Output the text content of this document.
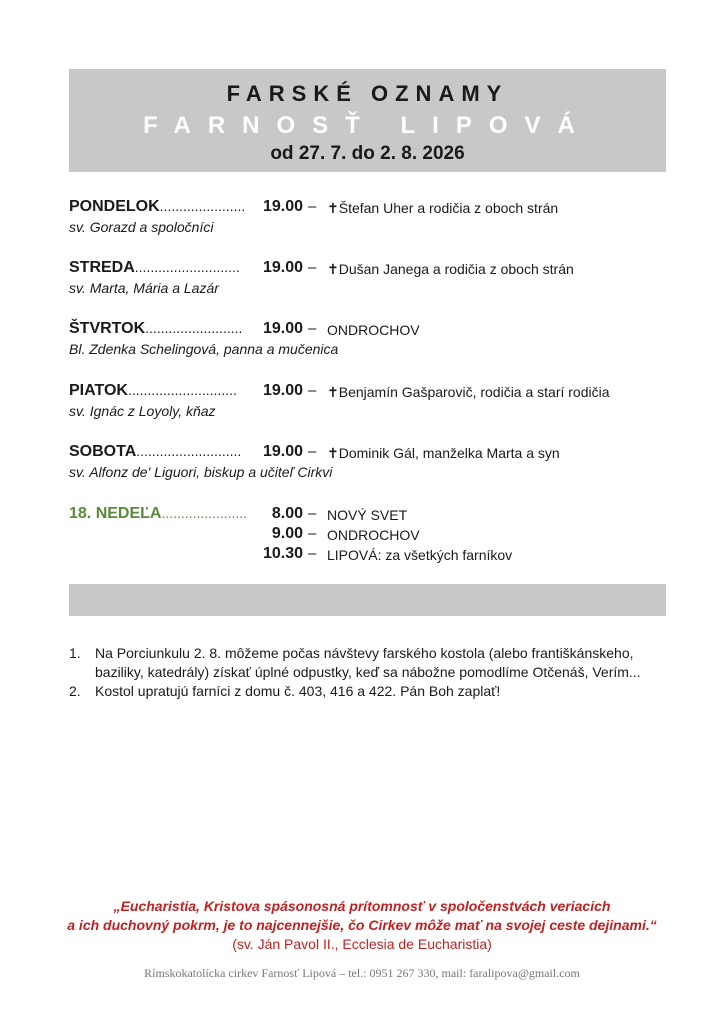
FARSKÉ OZNAMY
FARNOSŤ LIPOVÁ
od 27. 7. do 2. 8. 2026
PONDELOK...................... 19.00 – ✝Štefan Uher a rodičia z oboch strán
sv. Gorazd a spoločníci
STREDA........................... 19.00 – ✝Dušan Janega a rodičia z oboch strán
sv. Marta, Mária a Lazár
ŠTVRTOK......................... 19.00 – ONDROCHOV
Bl. Zdenka Schelingová, panna a mučenica
PIATOK............................ 19.00 – ✝Benjamín Gašparovič, rodičia a starí rodičia
sv. Ignác z Loyoly, kňaz
SOBOTA........................... 19.00 – ✝Dominik Gál, manželka Marta a syn
sv. Alfonz de' Liguori, biskup a učiteľ Cirkvi
18. NEDEĽA...................... 8.00 – NOVÝ SVET
9.00 – ONDROCHOV
10.30 – LIPOVÁ: za všetkých farníkov
1. Na Porciunkulu 2. 8. môžeme počas návštevy farského kostola (alebo františkánskeho, baziliky, katedrály) získať úplné odpustky, keď sa nábožne pomodlíme Otčenáš, Verím...
2. Kostol upratujú farníci z domu č. 403, 416 a 422. Pán Boh zaplať!
„Eucharistia, Kristova spásonosná prítomnosť v spoločenstvách veriacich
a ich duchovný pokrm, je to najcennejšie, čo Cirkev môže mať na svojej ceste dejinami.“
(sv. Ján Pavol II., Ecclesia de Eucharistia)
Rímskokatolícka cirkev Farnosť Lipová – tel.: 0951 267 330, mail: faralipova@gmail.com
